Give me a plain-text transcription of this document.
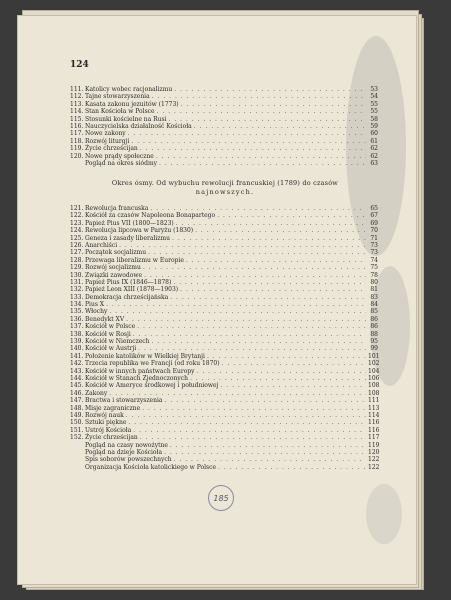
124
111. Katolicy wobec racjonalizmu . . .	53
112. Tajne stowarzyszenia . . .	54
113. Kasata zakonu jezuitów (1773) . . .	55
114. Stan Kościoła w Polsce . . .	55
115. Stosunki kościelne na Rusi . . .	58
116. Nauczycielska działalność Kościoła . . .	59
117. Nowe zakony . . .	60
118. Rozwój liturgji . . .	61
119. Życie chrześcijan . . .	62
120. Nowe prądy społeczne . . .	62
Pogląd na okres siódmy . . .	63
Okres ósmy. Od wybuchu rewolucji francuskiej (1789) do czasów
najnowszych.
121. Rewolucja francuska . . .	65
122. Kościół za czasów Napoleona Bonapartego . . .	67
123. Papież Pius VII (1800—1823) . . .	69
124. Rewolucja lipcowa w Paryżu (1830) . . .	70
125. Geneza i zasady liberalizmu . . .	71
126. Anarchiści . . .	73
127. Początek socjalizmu . . .	73
128. Przewaga liberalizmu w Europie . . .	74
129. Rozwój socjalizmu . . .	75
130. Związki zawodowe . . .	78
131. Papież Pius IX (1846—1878) . . .	80
132. Papież Leon XIII (1878—1903) . . .	81
133. Demokracja chrześcijańska . . .	83
134. Pius X . . .	84
135. Włochy . . .	85
136. Benedykt XV . . .	86
137. Kościół w Polsce . . .	86
138. Kościół w Rosji . . .	88
139. Kościół w Niemczech . . .	95
140. Kościół w Austrji . . .	99
141. Położenie katolików w Wielkiej Brytanji . . .	101
142. Trzecia republika we Francji (od roku 1870) . . .	102
143. Kościół w innych państwach Europy . . .	104
144. Kościół w Stanach Zjednoczonych . . .	106
145. Kościół w Ameryce środkowej i południowej . . .	108
146. Zakony . . .	108
147. Bractwa i stowarzyszenia . . .	111
148. Misje zagraniczne . . .	113
149. Rozwój nauk . . .	114
150. Sztuki piękne . . .	116
151. Ustrój Kościoła . . .	116
152. Życie chrześcijan . . .	117
Pogląd na czasy nowożytne . . .	119
Pogląd na dzieje Kościoła . . .	120
Spis soborów powszechnych . . .	122
Organizacja Kościoła katolickiego w Polsce . . .	122
185
